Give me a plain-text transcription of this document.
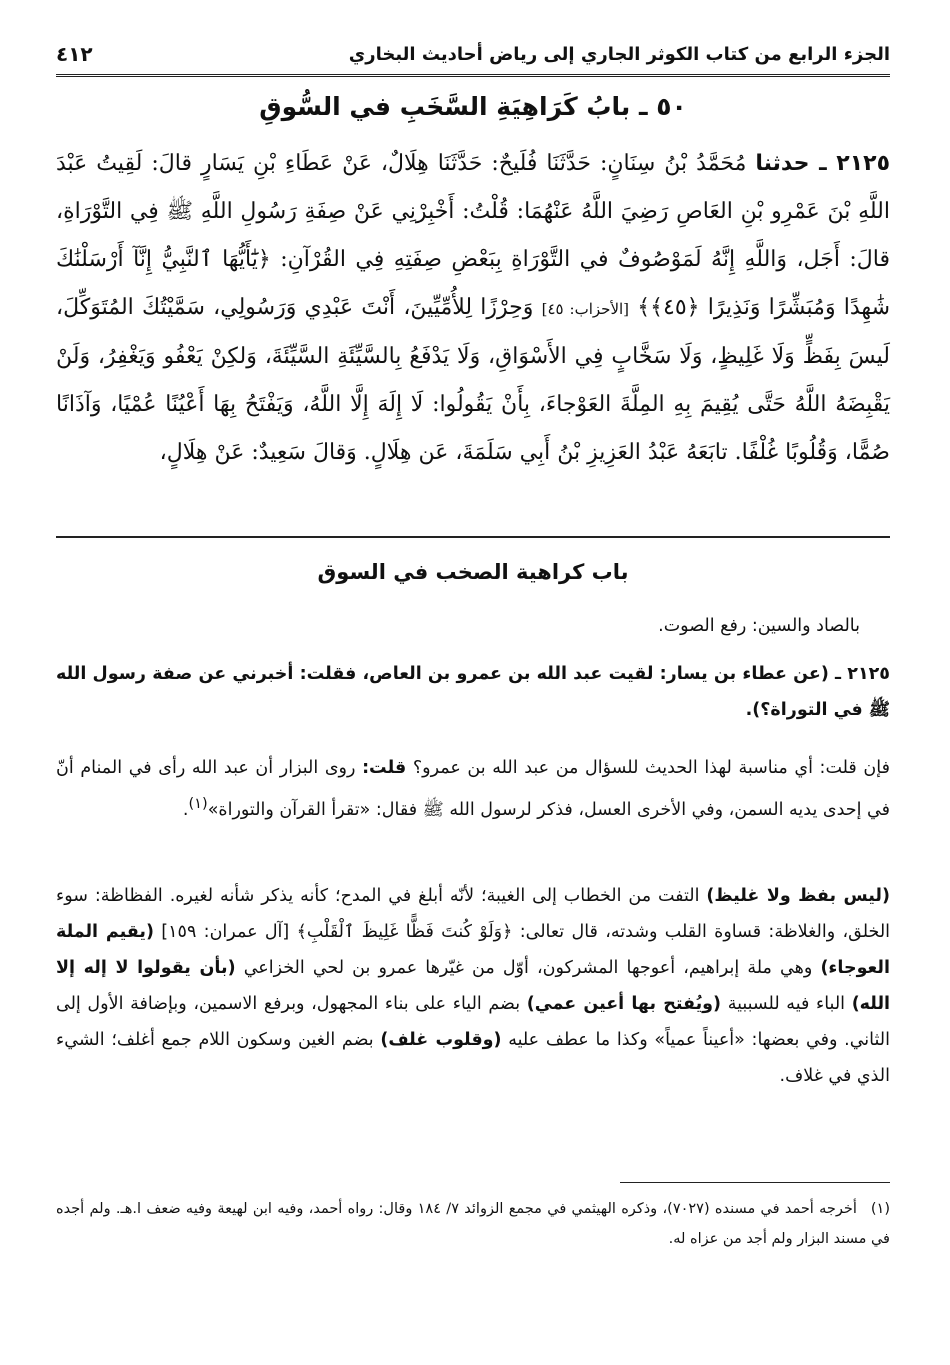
الجزء الرابع من كتاب الكوثر الجاري إلى رياض أحاديث البخاري
٤١٢
٥٠ ـ بابُ كَرَاهِيَةِ السَّخَبِ في السُّوقِ
٢١٢٥ ـ حدثنا مُحَمَّدُ بْنُ سِنَانٍ: حَدَّثَنَا فُلَيحٌ: حَدَّثَنَا هِلَالٌ، عَنْ عَطَاءِ بْنِ يَسَارٍ قالَ: لَقِيتُ عَبْدَ اللَّهِ بْنَ عَمْرِو بْنِ العَاصِ رَضِيَ اللَّهُ عَنْهُمَا: قُلْتُ: أَخْبِرْنِي عَنْ صِفَةِ رَسُولِ اللَّهِ ﷺ فِي التَّوْرَاةِ، قالَ: أَجَل، وَاللَّهِ إِنَّهُ لَمَوْصُوفٌ في التَّوْرَاةِ بِبَعْضِ صِفَتِهِ فِي القُرْآنِ: ﴿يَٰٓأَيُّهَا ٱلنَّبِيُّ إِنَّآ أَرْسَلْنَٰكَ شَٰهِدًا وَمُبَشِّرًا وَنَذِيرًا ﴿٤٥﴾﴾ [الأحزاب: ٤٥] وَحِرْزًا لِلأُمِّيِّينَ، أَنْتَ عَبْدِي وَرَسُولِي، سَمَّيْتُكَ المُتَوَكِّلَ، لَيسَ بِفَظٍّ وَلَا غَلِيظٍ، وَلَا سَخَّابٍ فِي الأَسْوَاقِ، وَلَا يَدْفَعُ بِالسَّيِّئَةِ السَّيِّئَةَ، وَلكِنْ يَعْفُو وَيَغْفِرُ، وَلَنْ يَقْبِضَهُ اللَّهُ حَتَّى يُقِيمَ بِهِ المِلَّةَ العَوْجاءَ، بِأَنْ يَقُولُوا: لَا إِلَهَ إِلَّا اللَّهُ، وَيَفْتَحُ بِهَا أَعْيُنًا عُمْيًا، وَآذَانًا صُمًّا، وَقُلُوبًا غُلْفًا. تابَعَهُ عَبْدُ العَزِيزِ بْنُ أَبِي سَلَمَةَ، عَن هِلَالٍ. وَقالَ سَعِيدٌ: عَنْ هِلَالٍ،
باب كراهية الصخب في السوق
بالصاد والسين: رفع الصوت.
٢١٢٥ ـ (عن عطاء بن يسار: لقيت عبد الله بن عمرو بن العاص، فقلت: أخبرني عن صفة رسول الله ﷺ في التوراة؟).
فإن قلت: أي مناسبة لهذا الحديث للسؤال من عبد الله بن عمرو؟ قلت: روى البزار أن عبد الله رأى في المنام أنّ في إحدى يديه السمن، وفي الأخرى العسل، فذكر لرسول الله ﷺ فقال: «تقرأ القرآن والتوراة»$^{(١)}$.
(ليس بفظ ولا غليظ) التفت من الخطاب إلى الغيبة؛ لأنّه أبلغ في المدح؛ كأنه يذكر شأنه لغيره. الفظاظة: سوء الخلق، والغلاظة: قساوة القلب وشدته، قال تعالى: ﴿وَلَوْ كُنتَ فَظًّا غَلِيظَ ٱلْقَلْبِ﴾ [آل عمران: ١٥٩] (يقيم الملة العوجاء) وهي ملة إبراهيم، أعوجها المشركون، أوّل من غيّرها عمرو بن لحي الخزاعي (بأن يقولوا لا إله إلا الله) الباء فيه للسببية (ويُفتح بها أعين عمي) بضم الياء على بناء المجهول، وبرفع الاسمين، وبإضافة الأول إلى الثاني. وفي بعضها: «أعيناً عمياً» وكذا ما عطف عليه (وقلوب غلف) بضم الغين وسكون اللام جمع أغلف؛ الشيء الذي في غلاف.
(١)أخرجه أحمد في مسنده (٧٠٢٧)، وذكره الهيثمي في مجمع الزوائد ٧/ ١٨٤ وقال: رواه أحمد، وفيه ابن لهيعة وفيه ضعف ا.هـ. ولم أجده في مسند البزار ولم أجد من عزاه له.
